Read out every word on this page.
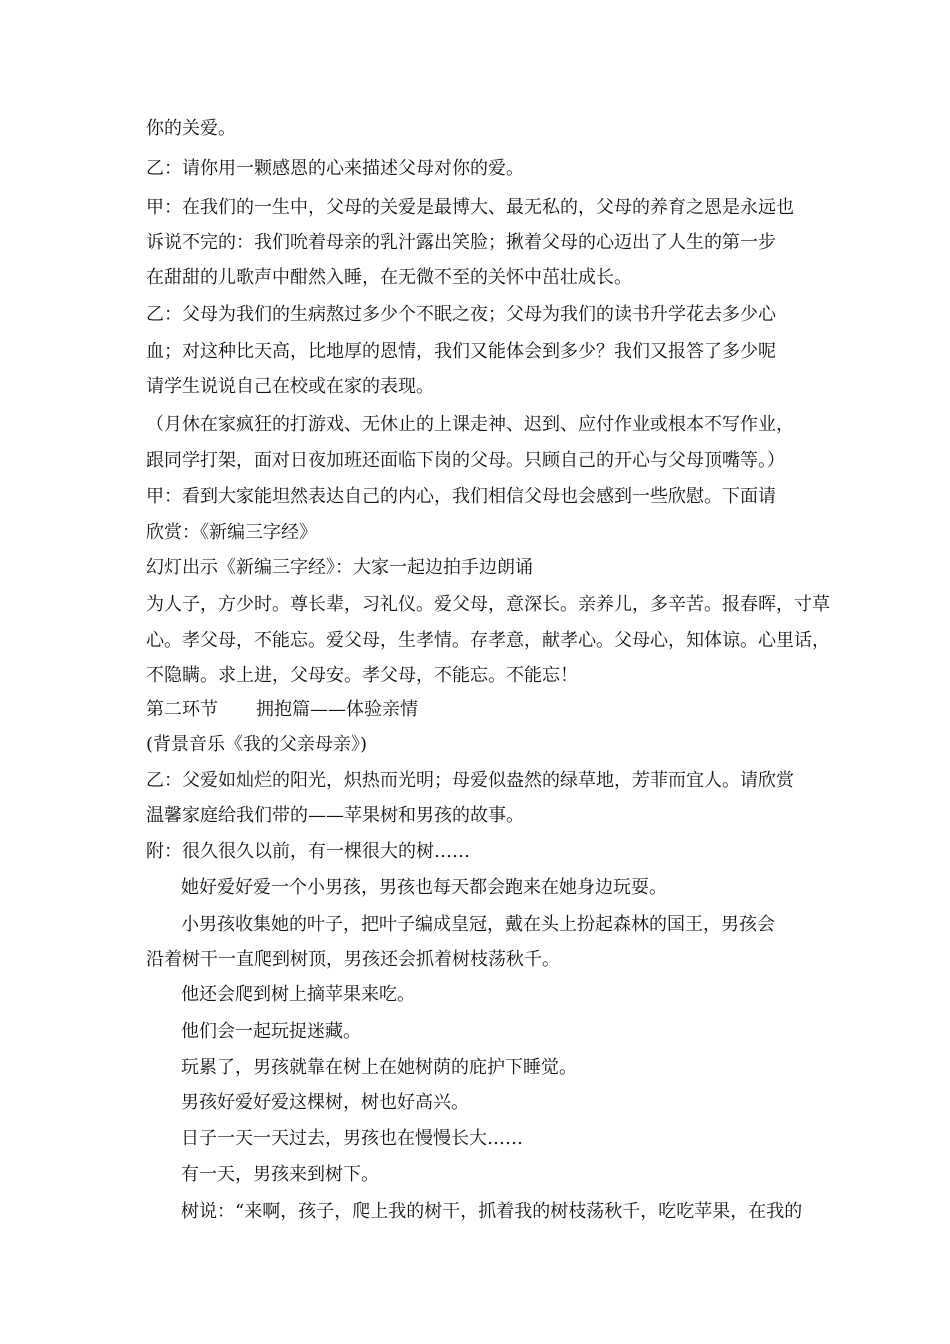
你的关爱。
乙：请你用一颗感恩的心来描述父母对你的爱。
甲：在我们的一生中，父母的关爱是最博大、最无私的，父母的养育之恩是永远也
诉说不完的：我们吮着母亲的乳汁露出笑脸；揪着父母的心迈出了人生的第一步
在甜甜的儿歌声中酣然入睡，在无微不至的关怀中茁壮成长。
乙：父母为我们的生病熬过多少个不眠之夜；父母为我们的读书升学花去多少心
血；对这种比天高，比地厚的恩情，我们又能体会到多少？我们又报答了多少呢
请学生说说自己在校或在家的表现。
（月休在家疯狂的打游戏、无休止的上课走神、迟到、应付作业或根本不写作业，
跟同学打架，面对日夜加班还面临下岗的父母。只顾自己的开心与父母顶嘴等。）
甲：看到大家能坦然表达自己的内心，我们相信父母也会感到一些欣慰。下面请
欣赏：《新编三字经》
幻灯出示《新编三字经》：大家一起边拍手边朗诵
为人子，方少时。尊长辈，习礼仪。爱父母，意深长。亲养儿，多辛苦。报春晖，寸草
心。孝父母，不能忘。爱父母，生孝情。存孝意，献孝心。父母心，知体谅。心里话，
不隐瞒。求上进，父母安。孝父母，不能忘。不能忘！
第二环节 拥抱篇——体验亲情
(背景音乐《我的父亲母亲》)
乙：父爱如灿烂的阳光，炽热而光明；母爱似盎然的绿草地，芳菲而宜人。请欣赏
温馨家庭给我们带的——苹果树和男孩的故事。
附：很久很久以前，有一棵很大的树……
她好爱好爱一个小男孩，男孩也每天都会跑来在她身边玩耍。
小男孩收集她的叶子，把叶子编成皇冠，戴在头上扮起森林的国王，男孩会
沿着树干一直爬到树顶，男孩还会抓着树枝荡秋千。
他还会爬到树上摘苹果来吃。
他们会一起玩捉迷藏。
玩累了，男孩就靠在树上在她树荫的庇护下睡觉。
男孩好爱好爱这棵树，树也好高兴。
日子一天一天过去，男孩也在慢慢长大……
有一天，男孩来到树下。
树说：“来啊，孩子，爬上我的树干，抓着我的树枝荡秋千，吃吃苹果，在我的
